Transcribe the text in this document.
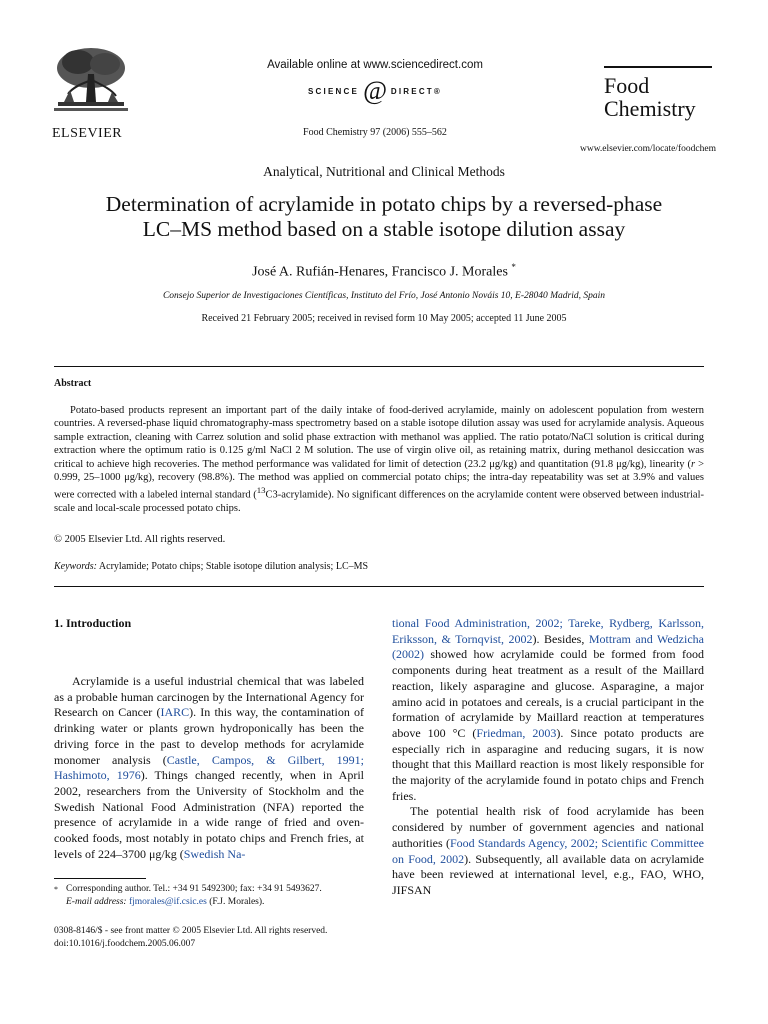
ELSEVIER
Available online at www.sciencedirect.com
SCIENCE @ DIRECT®
Food Chemistry 97 (2006) 555–562
Food
Chemistry
www.elsevier.com/locate/foodchem
Analytical, Nutritional and Clinical Methods
Determination of acrylamide in potato chips by a reversed-phase
LC–MS method based on a stable isotope dilution assay
José A. Rufián-Henares, Francisco J. Morales *
Consejo Superior de Investigaciones Científicas, Instituto del Frío, José Antonio Nováis 10, E-28040 Madrid, Spain
Received 21 February 2005; received in revised form 10 May 2005; accepted 11 June 2005
Abstract

Potato-based products represent an important part of the daily intake of food-derived acrylamide, mainly on adolescent population from western countries. A reversed-phase liquid chromatography-mass spectrometry based on a stable isotope dilution assay was used for acrylamide analysis. Aqueous sample extraction, cleaning with Carrez solution and solid phase extraction with methanol was applied. The ratio potato/NaCl solution is critical during extraction where the optimum ratio is 0.125 g/ml NaCl 2 M solution. The use of virgin olive oil, as retaining matrix, during methanol desiccation was critical to achieve high recoveries. The method performance was validated for limit of detection (23.2 μg/kg) and quantitation (91.8 μg/kg), linearity (r > 0.999, 25–1000 μg/kg), recovery (98.8%). The method was applied on commercial potato chips; the intra-day repeatability was set at 3.9% and values were corrected with a labeled internal standard ($^{13}$C3-acrylamide). No significant differences on the acrylamide content were observed between industrial-scale and local-scale processed potato chips.

© 2005 Elsevier Ltd. All rights reserved.
Keywords: Acrylamide; Potato chips; Stable isotope dilution analysis; LC–MS
1. Introduction

Acrylamide is a useful industrial chemical that was labeled as a probable human carcinogen by the International Agency for Research on Cancer (IARC). In this way, the contamination of drinking water or plants grown hydroponically has been the driving force in the past to develop methods for acrylamide monomer analysis (Castle, Campos, & Gilbert, 1991; Hashimoto, 1976). Things changed recently, when in April 2002, researchers from the University of Stockholm and the Swedish National Food Administration (NFA) reported the presence of acrylamide in a wide range of fried and oven-cooked foods, most notably in potato chips and French fries, at levels of 224–3700 μg/kg (Swedish Na-

tional Food Administration, 2002; Tareke, Rydberg, Karlsson, Eriksson, & Tornqvist, 2002). Besides, Mottram and Wedzicha (2002) showed how acrylamide could be formed from food components during heat treatment as a result of the Maillard reaction, likely asparagine and glucose. Asparagine, a major amino acid in potatoes and cereals, is a crucial participant in the formation of acrylamide by Maillard reaction at temperatures above 100 °C (Friedman, 2003). Since potato products are especially rich in asparagine and reducing sugars, it is now thought that this Maillard reaction is most likely responsible for the majority of the acrylamide found in potato chips and French fries.

The potential health risk of food acrylamide has been considered by number of government agencies and national authorities (Food Standards Agency, 2002; Scientific Committee on Food, 2002). Subsequently, all available data on acrylamide have been reviewed at international level, e.g., FAO, WHO, JIFSAN

* Corresponding author. Tel.: +34 91 5492300; fax: +34 91 5493627.
E-mail address: fjmorales@if.csic.es (F.J. Morales).
0308-8146/$ - see front matter © 2005 Elsevier Ltd. All rights reserved.
doi:10.1016/j.foodchem.2005.06.007
